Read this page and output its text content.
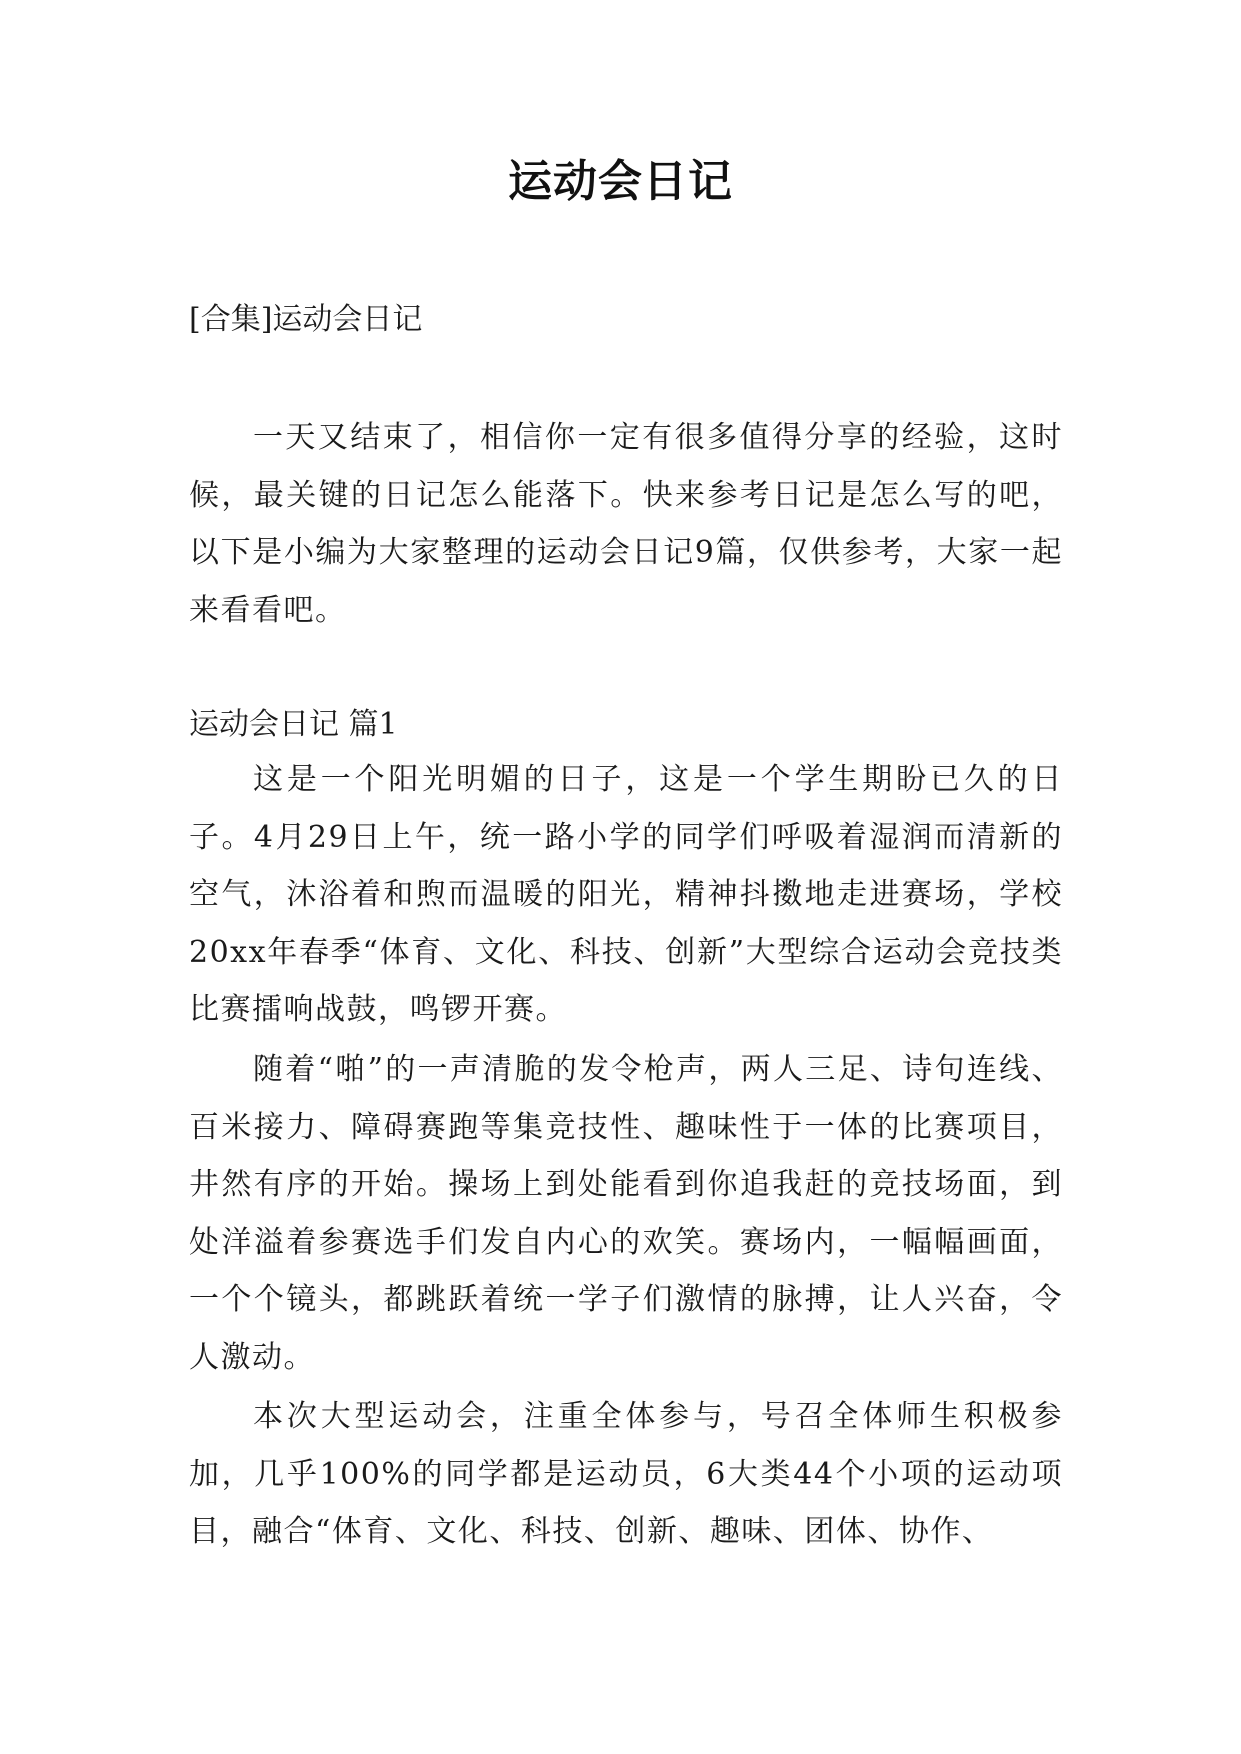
运动会日记
[合集]运动会日记
一天又结束了，相信你一定有很多值得分享的经验，这时候，最关键的日记怎么能落下。快来参考日记是怎么写的吧，以下是小编为大家整理的运动会日记9篇，仅供参考，大家一起来看看吧。
运动会日记 篇1
这是一个阳光明媚的日子，这是一个学生期盼已久的日子。4月29日上午，统一路小学的同学们呼吸着湿润而清新的空气，沐浴着和煦而温暖的阳光，精神抖擞地走进赛场，学校20xx年春季“体育、文化、科技、创新”大型综合运动会竞技类比赛擂响战鼓，鸣锣开赛。
随着“啪”的一声清脆的发令枪声，两人三足、诗句连线、百米接力、障碍赛跑等集竞技性、趣味性于一体的比赛项目，井然有序的开始。操场上到处能看到你追我赶的竞技场面，到处洋溢着参赛选手们发自内心的欢笑。赛场内，一幅幅画面，一个个镜头，都跳跃着统一学子们激情的脉搏，让人兴奋，令人激动。
本次大型运动会，注重全体参与，号召全体师生积极参加，几乎100%的同学都是运动员，6大类44个小项的运动项目，融合“体育、文化、科技、创新、趣味、团体、协作、
